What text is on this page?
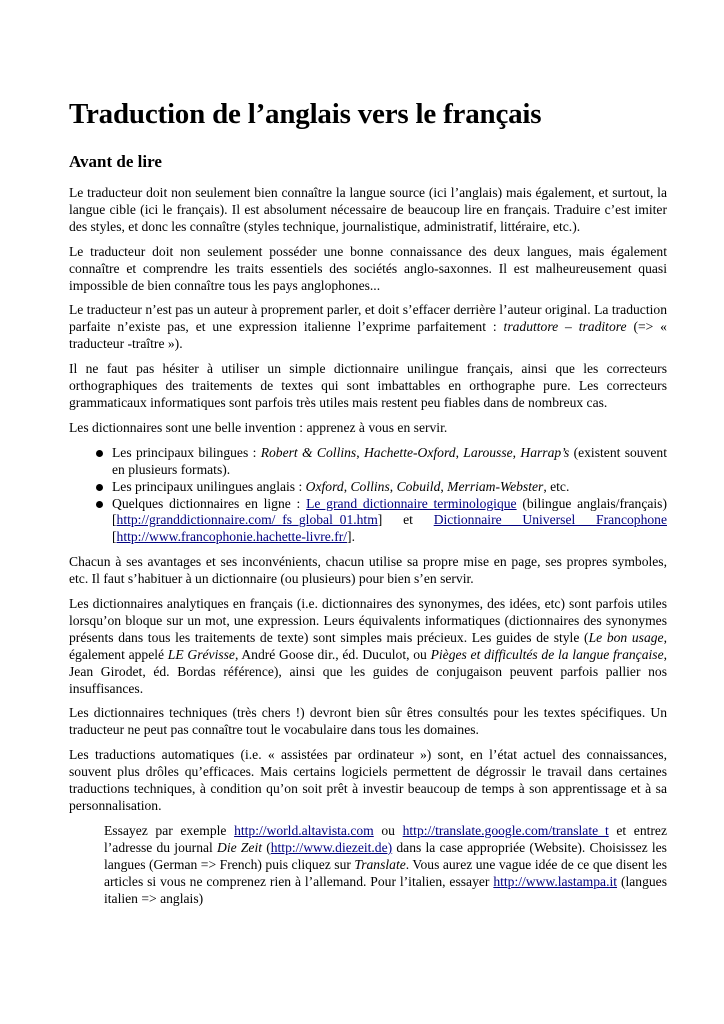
Traduction de l’anglais vers le français
Avant de lire

Le traducteur doit non seulement bien connaître la langue source (ici l’anglais) mais également, et surtout, la langue cible (ici le français). Il est absolument nécessaire de beaucoup lire en français. Traduire c’est imiter des styles, et donc les connaître (styles technique, journalistique, administratif, littéraire, etc.).

Le traducteur doit non seulement posséder une bonne connaissance des deux langues, mais également connaître et comprendre les traits essentiels des sociétés anglo-saxonnes. Il est malheureusement quasi impossible de bien connaître tous les pays anglophones...

Le traducteur n’est pas un auteur à proprement parler, et doit s’effacer derrière l’auteur original. La traduction parfaite n’existe pas, et une expression italienne l’exprime parfaitement : traduttore – traditore (=> « traducteur -traître »).

Il ne faut pas hésiter à utiliser un simple dictionnaire unilingue français, ainsi que les correcteurs orthographiques des traitements de textes qui sont imbattables en orthographe pure. Les correcteurs grammaticaux informatiques sont parfois très utiles mais restent peu fiables dans de nombreux cas.

Les dictionnaires sont une belle invention : apprenez à vous en servir.

Les principaux bilingues : Robert & Collins, Hachette-Oxford, Larousse, Harrap’s (existent souvent en plusieurs formats).
Les principaux unilingues anglais : Oxford, Collins, Cobuild, Merriam-Webster, etc.
Quelques dictionnaires en ligne : Le grand dictionnaire terminologique (bilingue anglais/français) [http://granddictionnaire.com/_fs_global_01.htm] et Dictionnaire Universel Francophone [http://www.francophonie.hachette-livre.fr/].

Chacun à ses avantages et ses inconvénients, chacun utilise sa propre mise en page, ses propres symboles, etc. Il faut s’habituer à un dictionnaire (ou plusieurs) pour bien s’en servir.

Les dictionnaires analytiques en français (i.e. dictionnaires des synonymes, des idées, etc) sont parfois utiles lorsqu’on bloque sur un mot, une expression. Leurs équivalents informatiques (dictionnaires des synonymes présents dans tous les traitements de texte) sont simples mais précieux. Les guides de style (Le bon usage, également appelé LE Grévisse, André Goose dir., éd. Duculot, ou Pièges et difficultés de la langue française, Jean Girodet, éd. Bordas référence), ainsi que les guides de conjugaison peuvent parfois pallier nos insuffisances.

Les dictionnaires techniques (très chers !) devront bien sûr êtres consultés pour les textes spécifiques. Un traducteur ne peut pas connaître tout le vocabulaire dans tous les domaines.

Les traductions automatiques (i.e. « assistées par ordinateur ») sont, en l’état actuel des connaissances, souvent plus drôles qu’efficaces. Mais certains logiciels permettent de dégrossir le travail dans certaines traductions techniques, à condition qu’on soit prêt à investir beaucoup de temps à son apprentissage et à sa personnalisation.

Essayez par exemple http://world.altavista.com ou http://translate.google.com/translate_t et entrez l’adresse du journal Die Zeit (http://www.diezeit.de) dans la case appropriée (Website). Choisissez les langues (German => French) puis cliquez sur Translate. Vous aurez une vague idée de ce que disent les articles si vous ne comprenez rien à l’allemand. Pour l’italien, essayer http://www.lastampa.it (langues italien => anglais)
